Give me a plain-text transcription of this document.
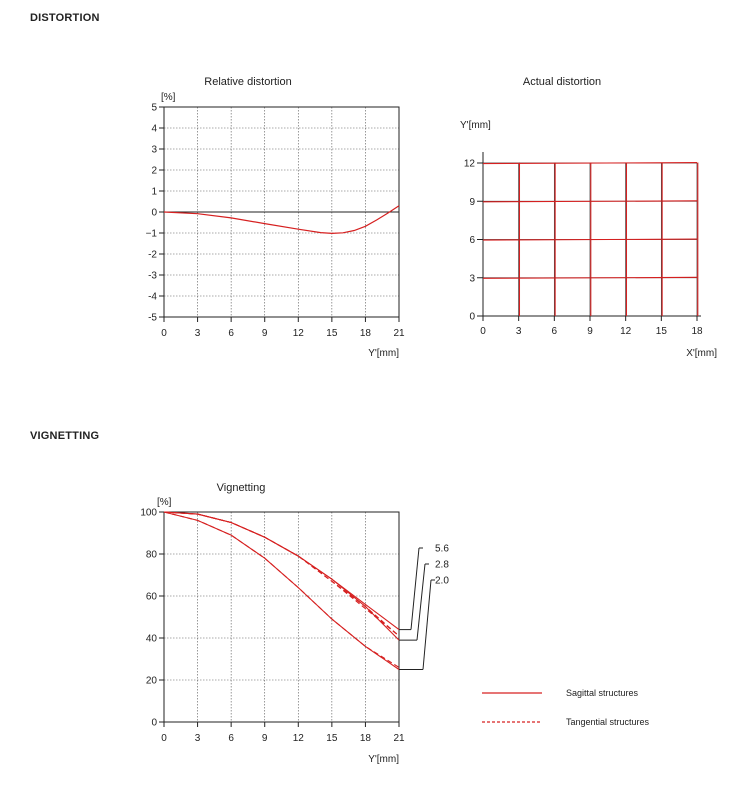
DISTORTION
VIGNETTING
5
4
3
2
1
0
−1
-2
-3
-4
-5
0	3	6	9	12 15 18 21
Relative distortion
[%]
Y'[mm]
0
3
6
9
12
0	3	6	9	12 15 18
Actual distortion
Y'[mm]
X'[mm]
0
20
40
60
80
100
0	3	6	9	12 15 18 21
Vignetting
[%]
Y'[mm]
5.6
2.8
2.0
Sagittal structures
Tangential structures
